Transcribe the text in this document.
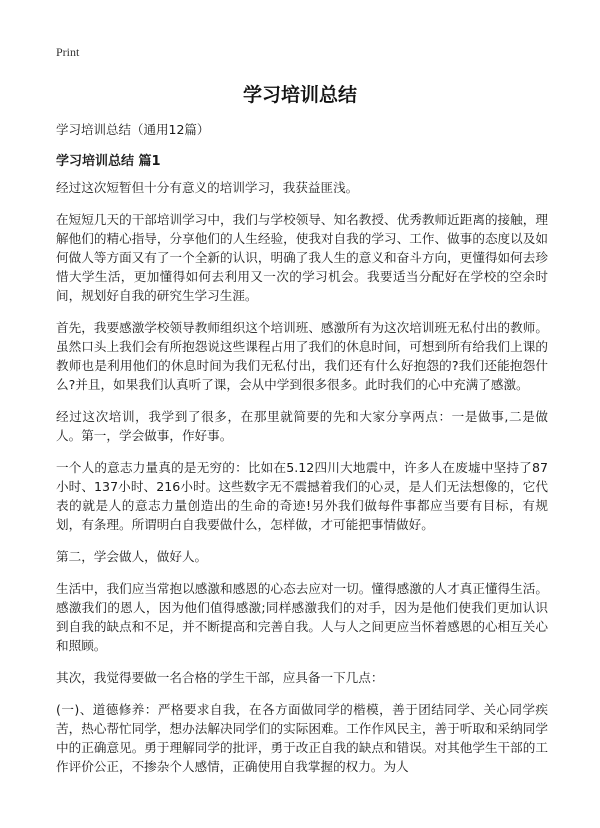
Print
学习培训总结
学习培训总结（通用12篇）
学习培训总结 篇1

经过这次短暂但十分有意义的培训学习，我获益匪浅。

在短短几天的干部培训学习中，我们与学校领导、知名教授、优秀教师近距离的接触，理解他们的精心指导，分享他们的人生经验，使我对自我的学习、工作、做事的态度以及如何做人等方面又有了一个全新的认识，明确了我人生的意义和奋斗方向，更懂得如何去珍惜大学生活，更加懂得如何去利用又一次的学习机会。我要适当分配好在学校的空余时间，规划好自我的研究生学习生涯。

首先，我要感激学校领导教师组织这个培训班、感激所有为这次培训班无私付出的教师。虽然口头上我们会有所抱怨说这些课程占用了我们的休息时间，可想到所有给我们上课的教师也是利用他们的休息时间为我们无私付出，我们还有什么好抱怨的?我们还能抱怨什么?并且，如果我们认真听了课，会从中学到很多很多。此时我们的心中充满了感激。

经过这次培训，我学到了很多，在那里就简要的先和大家分享两点：一是做事,二是做人。第一，学会做事，作好事。

一个人的意志力量真的是无穷的：比如在5.12四川大地震中，许多人在废墟中坚持了87小时、137小时、216小时。这些数字无不震撼着我们的心灵，是人们无法想像的，它代表的就是人的意志力量创造出的生命的奇迹!另外我们做每件事都应当要有目标，有规划，有条理。所谓明白自我要做什么，怎样做，才可能把事情做好。

第二，学会做人，做好人。

生活中，我们应当常抱以感激和感恩的心态去应对一切。懂得感激的人才真正懂得生活。感激我们的恩人，因为他们值得感激;同样感激我们的对手，因为是他们使我们更加认识到自我的缺点和不足，并不断提高和完善自我。人与人之间更应当怀着感恩的心相互关心和照顾。

其次，我觉得要做一名合格的学生干部，应具备一下几点：

(一)、道德修养：严格要求自我，在各方面做同学的楷模，善于团结同学、关心同学疾苦，热心帮忙同学，想办法解决同学们的实际困难。工作作风民主，善于听取和采纳同学中的正确意见。勇于理解同学的批评，勇于改正自我的缺点和错误。对其他学生干部的工作评价公正，不掺杂个人感情，正确使用自我掌握的权力。为人
